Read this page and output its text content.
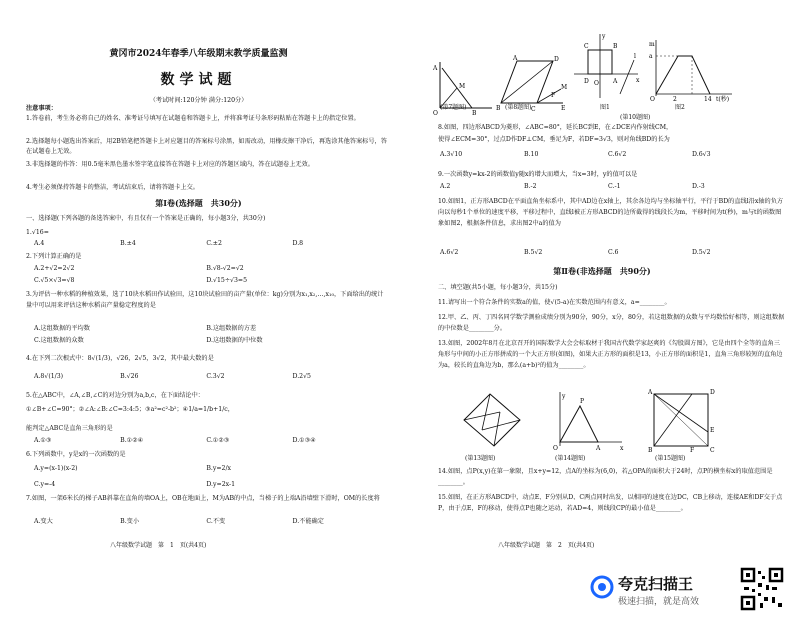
黄冈市2024年春季八年级期末教学质量监测
数学试题
（考试时间:120分钟 满分:120分）
注意事项：
1.答卷前，考生务必将自己的姓名、准考证号填写在试题卷和答题卡上，并将准考证号条形码粘贴在答题卡上的指定位置。
2.选择题每小题选出答案后，用2B铅笔把答题卡上对应题目的答案标号涂黑，如需改动，用橡皮擦干净后，再选涂其他答案标号，答在试题卷上无效。
3.非选择题的作答：用0.5毫米黑色墨水签字笔直接答在答题卡上对应的答题区域内，答在试题卷上无效。
4.考生必须保持答题卡的整洁，考试结束后，请将答题卡上交。
第Ⅰ卷(选择题　共30分)
一、选择题(下列各题的备选答案中，有且仅有一个答案是正确的，每小题3分，共30分)
1.√16=
A.4	B.±4	C.±2	D.8
2.下列计算正确的是
A.2+√2=2√2	B.√8-√2=√2
C.√5×√3=√8	D.√15÷√3=5
3.为评估一种水稻的种植效果，选了10块水稻田作试验田，这10块试验田的亩产量(单位：kg)分别为x₁,x₂,…,x₁₀，下面给出的统计量中可以用来评估这种水稻亩产量稳定程度的是
A.这组数据的平均数	B.这组数据的方差
C.这组数据的众数	D.这组数据的中位数
4.在下列二次根式中：8√(1/3)，√26，2√5，3√2，其中最大数的是
A.8√(1/3)	B.√26	C.3√2	D.2√5
5.在△ABC中，∠A,∠B,∠C的对边分别为a,b,c，在下面结论中：
①∠B+∠C=90°；②∠A:∠B:∠C=3:4:5；③a²=c²-b²；④1/a=1/b+1/c，
能判定△ABC是直角三角形的是
A.①③	B.①②④	C.①②③	D.①③④
6.下列函数中，y是x的一次函数的是
A.y=(x-1)(x-2)	B.y=2/x
C.y=-4	D.y=2x-1
7.如图，一架6米长的梯子AB斜靠在直角的墙OA上，OB在地面上，M为AB的中点，当梯子的上端A沿墙壁下滑时，OM的长度将
A.变大	B.变小	C.不变	D.不能确定
八年级数学试题　第　1　页(共4页)
A
O	B
M
(第7题图)
A	D
B	C	E
M
F
(第8题图)
C	B
D	A
O
l
y
x
图1
m
a
O	2	14 t(秒)
图2
(第10题图)
8.如图，四边形ABCD为菱形，∠ABC=80°，延长BC到E，在∠DCE内作射线CM，
使得∠ECM=30°，过点D作DF⊥CM，垂足为F，若DF=3√3，则对角线BD的长为
A.3√10	B.10	C.6√2	D.6√3
9.一次函数y=kx-2的函数值y随x的增大而增大，当x=3时，y的值可以是
A.2	B.-2	C.-1	D.-3
10.如图1，正方形ABCD在平面直角坐标系中，其中AD边在x轴上，其余各边均与坐标轴平行，平行于BD的直线l沿x轴的负方向以每秒1个单位的速度平移，平移过程中，直线l被正方形ABCD的边所截得的线段长为m，平移时间为t(秒)，m与t的函数图象如图2，根据条件信息，求出图2中a的值为
A.6√2	B.5√2	C.6	D.5√2
第Ⅱ卷(非选择题　共90分)
二、填空题(共5小题，每小题3分，共15分)
11.请写出一个符合条件的实数a的值，使√(5-a)在实数范围内有意义，a=________。
12.甲、乙、丙、丁四名同学数学测验成绩分别为90分，90分，x分，80分，若这组数据的众数与平均数恰好相等，则这组数据的中位数是________分。
13.如图，2002年8月在北京召开的国际数学大会会标取材于我国古代数学家赵爽的《勾股圆方图》，它是由四个全等的直角三角形与中间的小正方形拼成的一个大正方形(如图)，如果大正方形的面积是13，小正方形的面积是1，直角三角形较短的直角边为a，较长的直角边为b，那么(a+b)²的值为________。
(第13题图)
P
A
O	x
y
(第14题图)
A	D
B	C
E
F
(第15题图)
14.如图，点P(x,y)在第一象限，且x+y=12，点A的坐标为(6,0)，若△OPA的面积大于24时，点P的横坐标x的取值范围是________。
15.如图，在正方形ABCD中，动点E、F分别从D、C两点同时出发，以相同的速度在边DC，CB上移动，连接AE和DF交于点P，由于点E，F的移动，使得点P也随之运动，若AD=4，则线段CP的最小值是________。
八年级数学试题　第　2　页(共4页)
夸克扫描王
极速扫描，就是高效
